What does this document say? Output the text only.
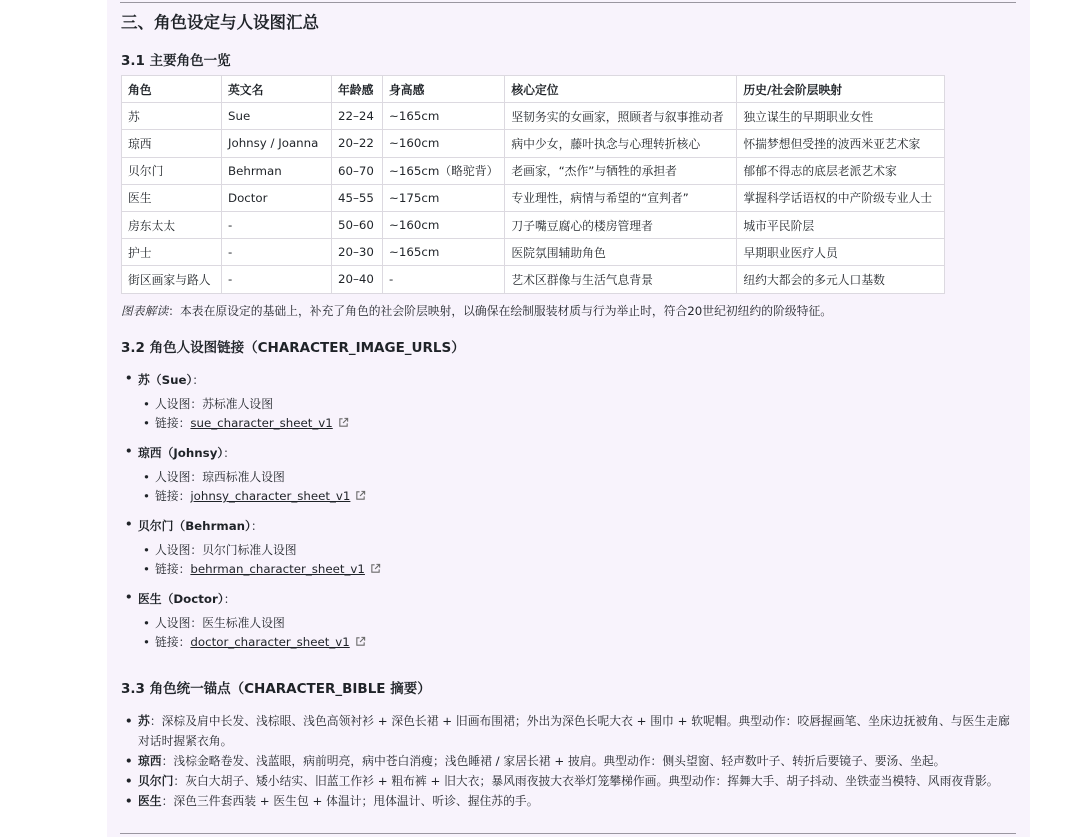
三、角色设定与人设图汇总
3.1 主要角色一览
角色	英文名	年龄感	身高感	核心定位	历史/社会阶层映射
苏	Sue	22–24	~165cm	坚韧务实的女画家，照顾者与叙事推动者	独立谋生的早期职业女性
琼西	Johnsy / Joanna	20–22	~160cm	病中少女，藤叶执念与心理转折核心	怀揣梦想但受挫的波西米亚艺术家
贝尔门	Behrman	60–70	~165cm（略驼背）	老画家，“杰作”与牺牲的承担者	郁郁不得志的底层老派艺术家
医生	Doctor	45–55	~175cm	专业理性，病情与希望的“宣判者”	掌握科学话语权的中产阶级专业人士
房东太太	-	50–60	~160cm	刀子嘴豆腐心的楼房管理者	城市平民阶层
护士	-	20–30	~165cm	医院氛围辅助角色	早期职业医疗人员
街区画家与路人	-	20–40	-	艺术区群像与生活气息背景	纽约大都会的多元人口基数
图表解读：本表在原设定的基础上，补充了角色的社会阶层映射，以确保在绘制服装材质与行为举止时，符合20世纪初纽约的阶级特征。
3.2 角色人设图链接（CHARACTER_IMAGE_URLS）
• 苏（Sue）：
• 人设图：苏标准人设图
• 链接：sue_character_sheet_v1
• 琼西（Johnsy）：
• 人设图：琼西标准人设图
• 链接：johnsy_character_sheet_v1
• 贝尔门（Behrman）：
• 人设图：贝尔门标准人设图
• 链接：behrman_character_sheet_v1
• 医生（Doctor）：
• 人设图：医生标准人设图
• 链接：doctor_character_sheet_v1
3.3 角色统一锚点（CHARACTER_BIBLE 摘要）
• 苏：深棕及肩中长发、浅棕眼、浅色高领衬衫 + 深色长裙 + 旧画布围裙；外出为深色长呢大衣 + 围巾 + 软呢帽。典型动作：咬唇握画笔、坐床边抚被角、与医生走廊对话时握紧衣角。
• 琼西：浅棕金略卷发、浅蓝眼，病前明亮，病中苍白消瘦；浅色睡裙 / 家居长裙 + 披肩。典型动作：侧头望窗、轻声数叶子、转折后要镜子、要汤、坐起。
• 贝尔门：灰白大胡子、矮小结实、旧蓝工作衫 + 粗布裤 + 旧大衣；暴风雨夜披大衣举灯笼攀梯作画。典型动作：挥舞大手、胡子抖动、坐铁壶当模特、风雨夜背影。
• 医生：深色三件套西装 + 医生包 + 体温计；甩体温计、听诊、握住苏的手。
